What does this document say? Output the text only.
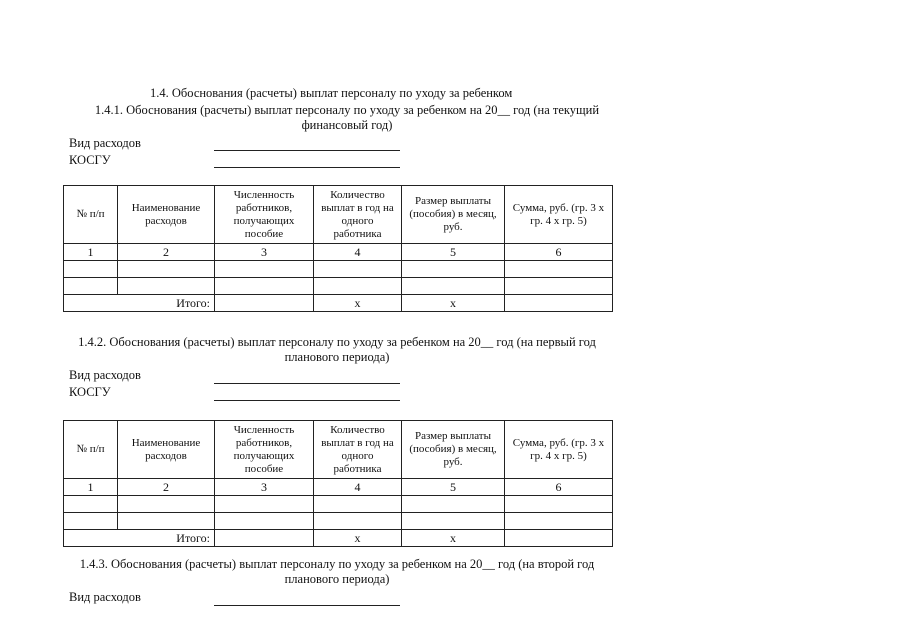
1.4. Обоснования (расчеты) выплат персоналу по уходу за ребенком
1.4.1. Обоснования (расчеты) выплат персоналу по уходу за ребенком на 20__ год (на текущий
финансовый год)
Вид расходов
КОСГУ
№ п/п	Наименование расходов	Численность работников, получающих пособие	Количество выплат в год на одного работника	Размер выплаты (пособия) в месяц, руб.	Сумма, руб. (гр. 3 х гр. 4 х гр. 5)
1	2	3	4	5	6

Итого:			х	х	
1.4.2. Обоснования (расчеты) выплат персоналу по уходу за ребенком на 20__ год (на первый год
планового периода)
Вид расходов
КОСГУ
№ п/п	Наименование расходов	Численность работников, получающих пособие	Количество выплат в год на одного работника	Размер выплаты (пособия) в месяц, руб.	Сумма, руб. (гр. 3 х гр. 4 х гр. 5)
1	2	3	4	5	6

Итого:			х	х	
1.4.3. Обоснования (расчеты) выплат персоналу по уходу за ребенком на 20__ год (на второй год
планового периода)
Вид расходов
